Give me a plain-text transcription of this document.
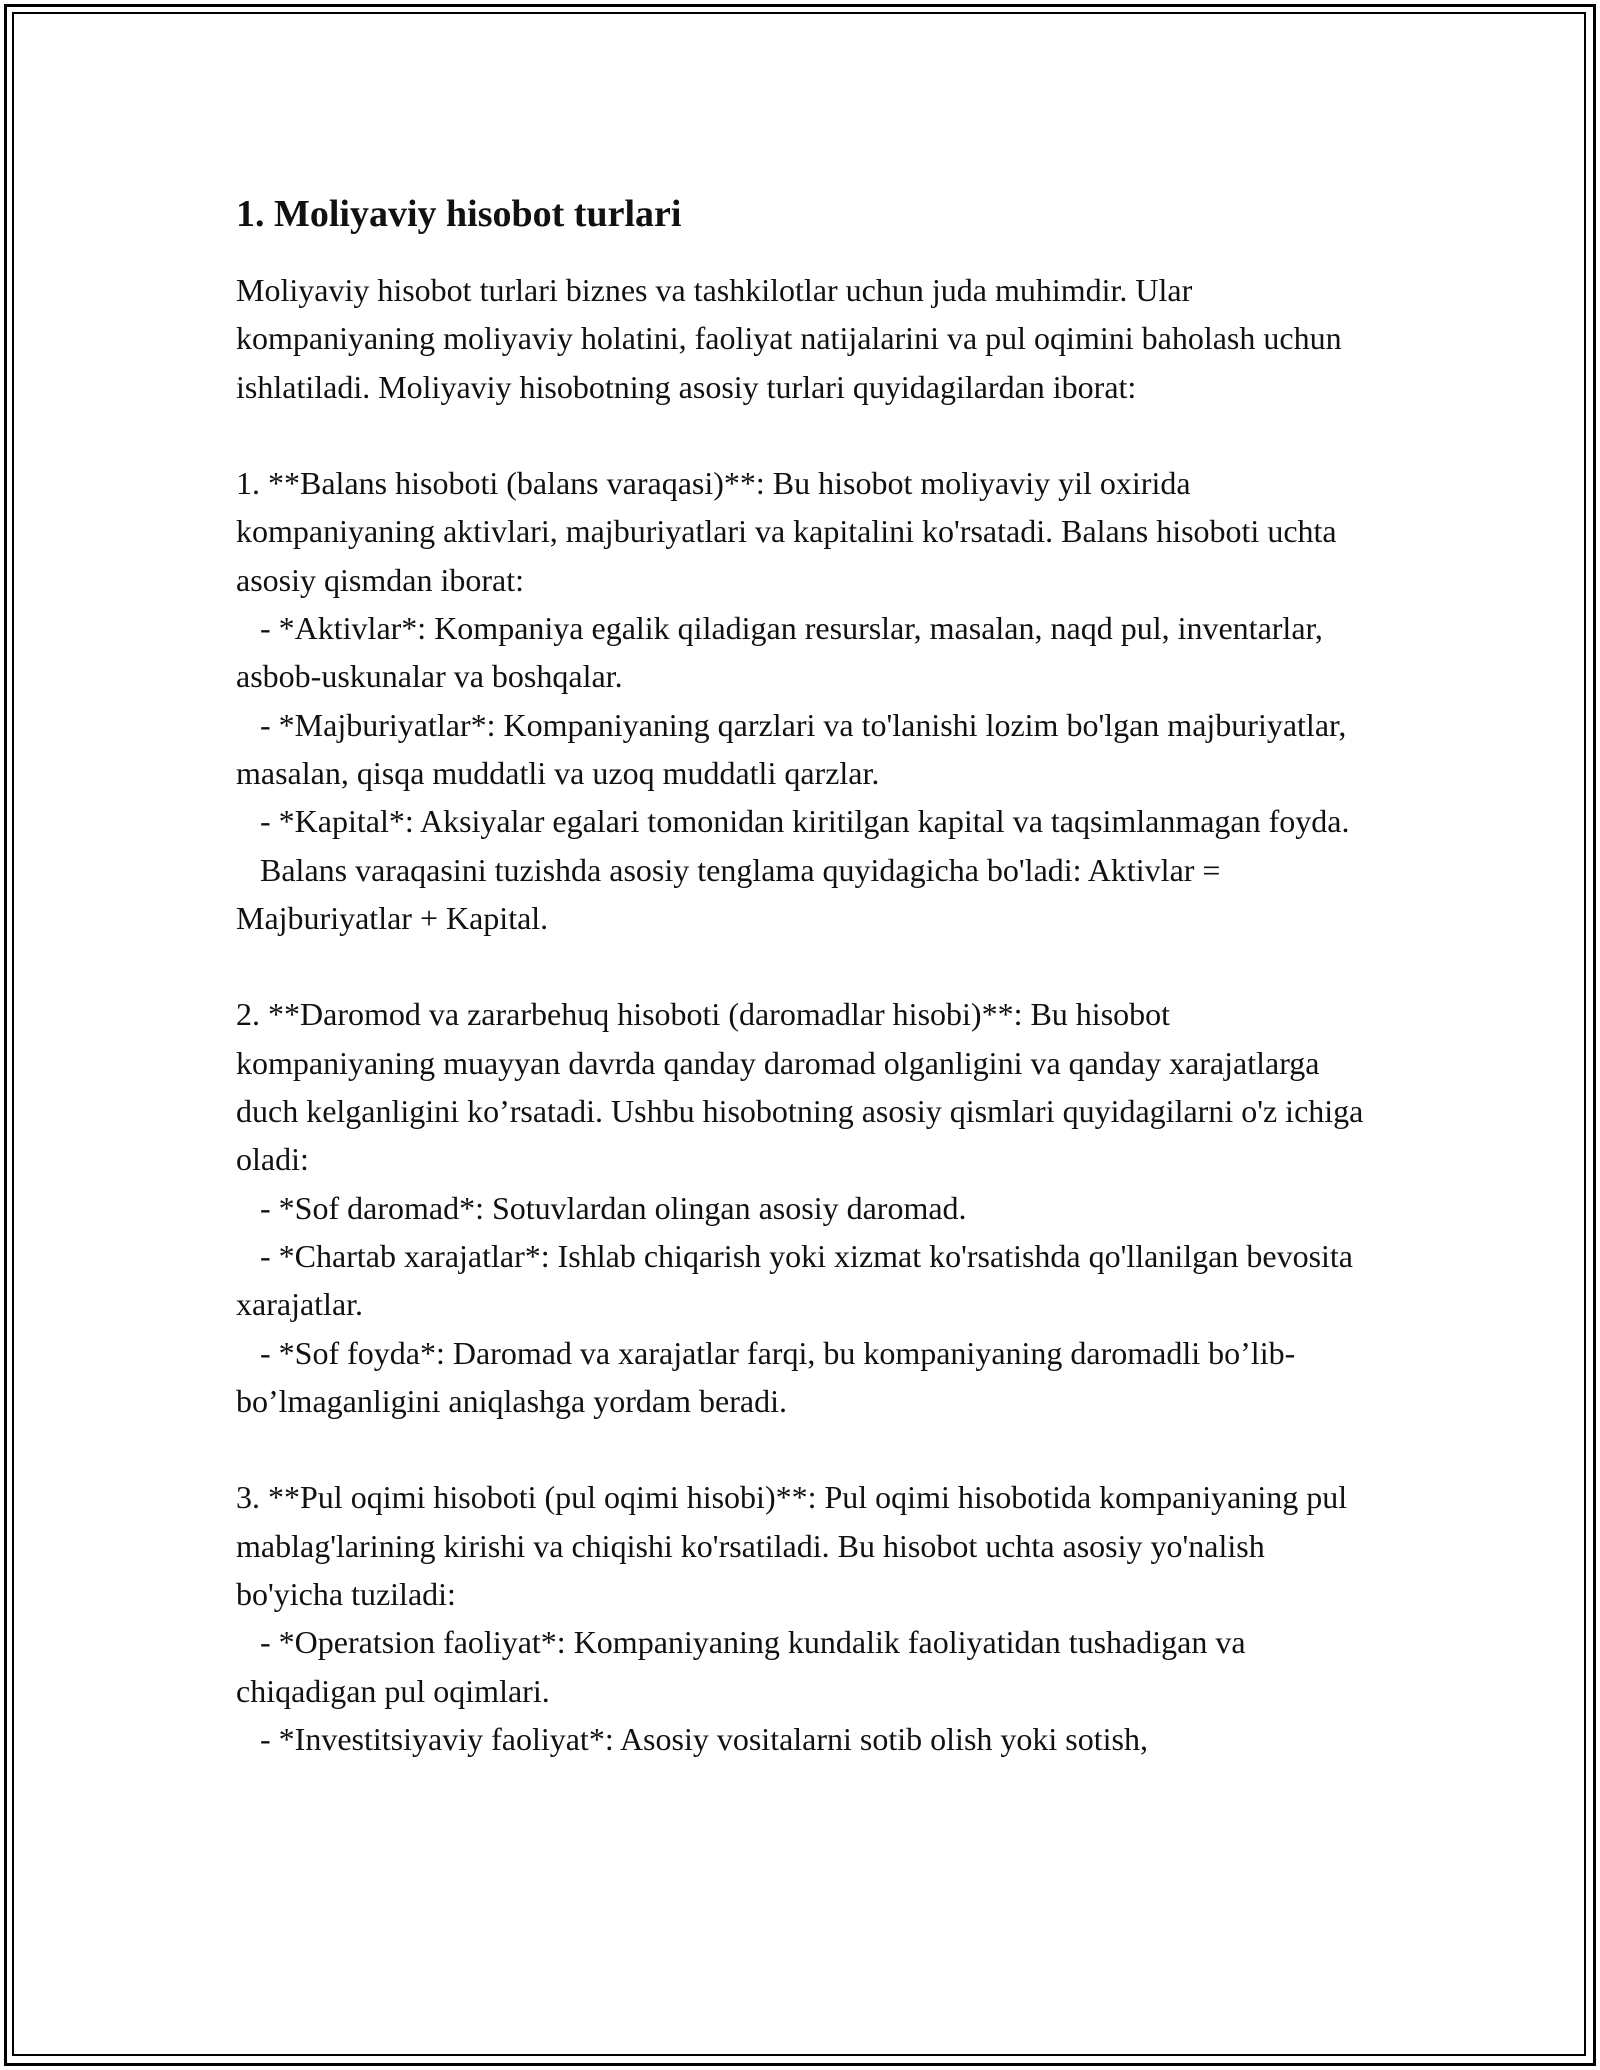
1. Moliyaviy hisobot turlari

Moliyaviy hisobot turlari biznes va tashkilotlar uchun juda muhimdir. Ular kompaniyaning moliyaviy holatini, faoliyat natijalarini va pul oqimini baholash uchun ishlatiladi. Moliyaviy hisobotning asosiy turlari quyidagilardan iborat:

1. **Balans hisoboti (balans varaqasi)**: Bu hisobot moliyaviy yil oxirida kompaniyaning aktivlari, majburiyatlari va kapitalini ko'rsatadi. Balans hisoboti uchta asosiy qismdan iborat:

- *Aktivlar*: Kompaniya egalik qiladigan resurslar, masalan, naqd pul, inventarlar, asbob-uskunalar va boshqalar.

- *Majburiyatlar*: Kompaniyaning qarzlari va to'lanishi lozim bo'lgan majburiyatlar, masalan, qisqa muddatli va uzoq muddatli qarzlar.

- *Kapital*: Aksiyalar egalari tomonidan kiritilgan kapital va taqsimlanmagan foyda.

Balans varaqasini tuzishda asosiy tenglama quyidagicha bo'ladi: Aktivlar = Majburiyatlar + Kapital.

2. **Daromod va zararbehuq hisoboti (daromadlar hisobi)**: Bu hisobot kompaniyaning muayyan davrda qanday daromad olganligini va qanday xarajatlarga duch kelganligini ko’rsatadi. Ushbu hisobotning asosiy qismlari quyidagilarni o'z ichiga oladi:

- *Sof daromad*: Sotuvlardan olingan asosiy daromad.

- *Chartab xarajatlar*: Ishlab chiqarish yoki xizmat ko'rsatishda qo'llanilgan bevosita xarajatlar.

- *Sof foyda*: Daromad va xarajatlar farqi, bu kompaniyaning daromadli bo’lib-bo’lmaganligini aniqlashga yordam beradi.

3. **Pul oqimi hisoboti (pul oqimi hisobi)**: Pul oqimi hisobotida kompaniyaning pul mablag'larining kirishi va chiqishi ko'rsatiladi. Bu hisobot uchta asosiy yo'nalish bo'yicha tuziladi:

- *Operatsion faoliyat*: Kompaniyaning kundalik faoliyatidan tushadigan va chiqadigan pul oqimlari.

- *Investitsiyaviy faoliyat*: Asosiy vositalarni sotib olish yoki sotish,
